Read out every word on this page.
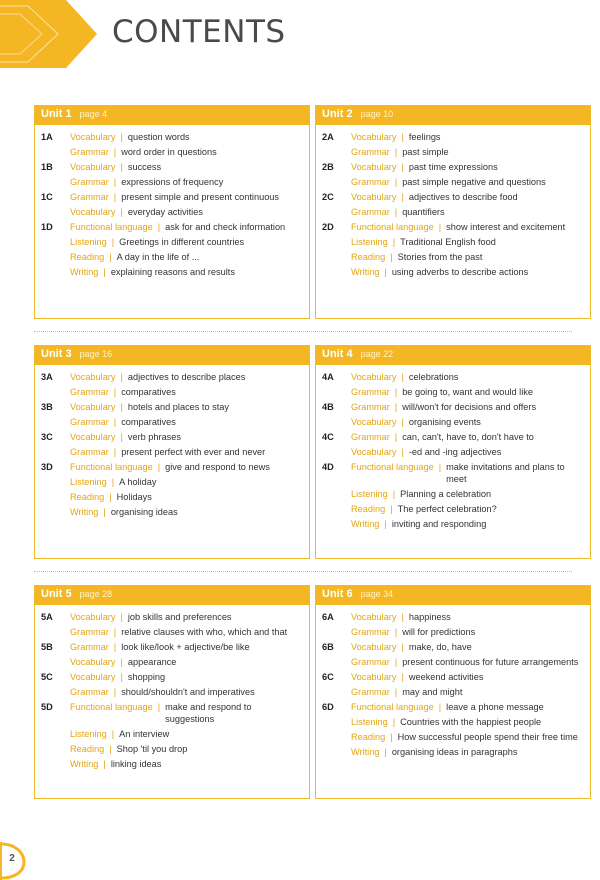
CONTENTS
Unit 1 page 4
1A	Vocabulary | question words
Grammar | word order in questions
1B	Vocabulary | success
Grammar | expressions of frequency
1C	Grammar | present simple and present continuous
Vocabulary | everyday activities
1D	Functional language | ask for and check information
Listening | Greetings in different countries
Reading | A day in the life of ...
Writing | explaining reasons and results
Unit 2 page 10
2A	Vocabulary | feelings
Grammar | past simple
2B	Vocabulary | past time expressions
Grammar | past simple negative and questions
2C	Vocabulary | adjectives to describe food
Grammar | quantifiers
2D	Functional language | show interest and excitement
Listening | Traditional English food
Reading | Stories from the past
Writing | using adverbs to describe actions
Unit 3 page 16
3A	Vocabulary | adjectives to describe places
Grammar | comparatives
3B	Vocabulary | hotels and places to stay
Grammar | comparatives
3C	Vocabulary | verb phrases
Grammar | present perfect with ever and never
3D	Functional language | give and respond to news
Listening | A holiday
Reading | Holidays
Writing | organising ideas
Unit 4 page 22
4A	Vocabulary | celebrations
Grammar | be going to, want and would like
4B	Grammar | will/won't for decisions and offers
Vocabulary | organising events
4C	Grammar | can, can't, have to, don't have to
Vocabulary | -ed and -ing adjectives
4D	Functional language | make invitations and plans to meet
Listening | Planning a celebration
Reading | The perfect celebration?
Writing | inviting and responding
Unit 5 page 28
5A	Vocabulary | job skills and preferences
Grammar | relative clauses with who, which and that
5B	Grammar | look like/look + adjective/be like
Vocabulary | appearance
5C	Vocabulary | shopping
Grammar | should/shouldn't and imperatives
5D	Functional language | make and respond to suggestions
Listening | An interview
Reading | Shop 'til you drop
Writing | linking ideas
Unit 6 page 34
6A	Vocabulary | happiness
Grammar | will for predictions
6B	Vocabulary | make, do, have
Grammar | present continuous for future arrangements
6C	Vocabulary | weekend activities
Grammar | may and might
6D	Functional language | leave a phone message
Listening | Countries with the happiest people
Reading | How successful people spend their free time
Writing | organising ideas in paragraphs
2
